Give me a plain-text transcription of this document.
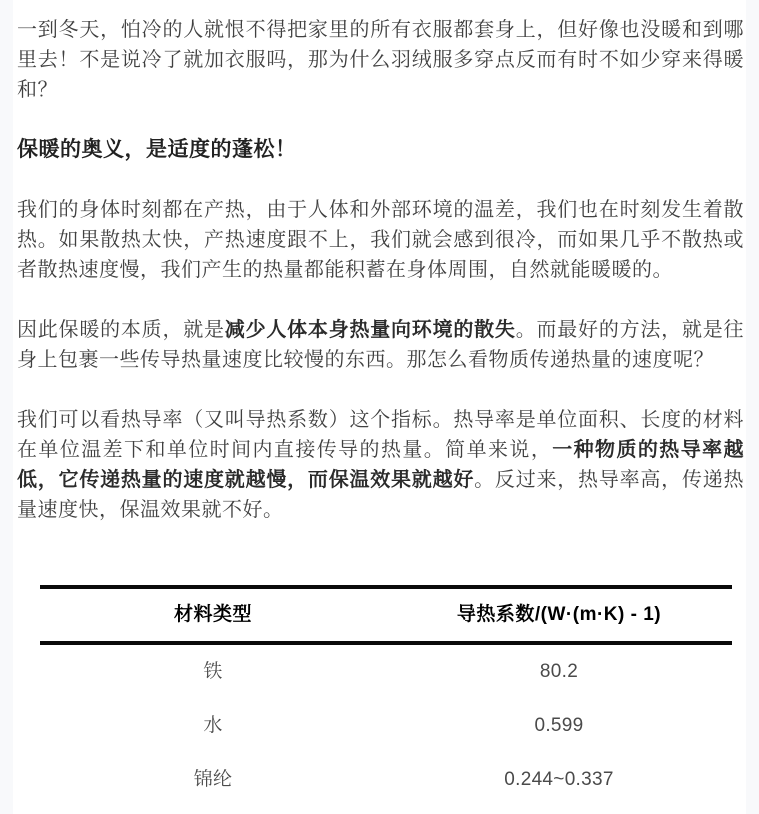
一到冬天，怕冷的人就恨不得把家里的所有衣服都套身上，但好像也没暖和到哪里去！不是说冷了就加衣服吗，那为什么羽绒服多穿点反而有时不如少穿来得暖和？

保暖的奥义，是适度的蓬松！

我们的身体时刻都在产热，由于人体和外部环境的温差，我们也在时刻发生着散热。如果散热太快，产热速度跟不上，我们就会感到很冷，而如果几乎不散热或者散热速度慢，我们产生的热量都能积蓄在身体周围，自然就能暖暖的。

因此保暖的本质，就是减少人体本身热量向环境的散失。而最好的方法，就是往身上包裹一些传导热量速度比较慢的东西。那怎么看物质传递热量的速度呢？

我们可以看热导率（又叫导热系数）这个指标。热导率是单位面积、长度的材料在单位温差下和单位时间内直接传导的热量。简单来说，一种物质的热导率越低，它传递热量的速度就越慢，而保温效果就越好。反过来，热导率高，传递热量速度快，保温效果就不好。

材料类型	导热系数/(W·(m·K) - 1)
铁	80.2
水	0.599
锦纶	0.244~0.337
